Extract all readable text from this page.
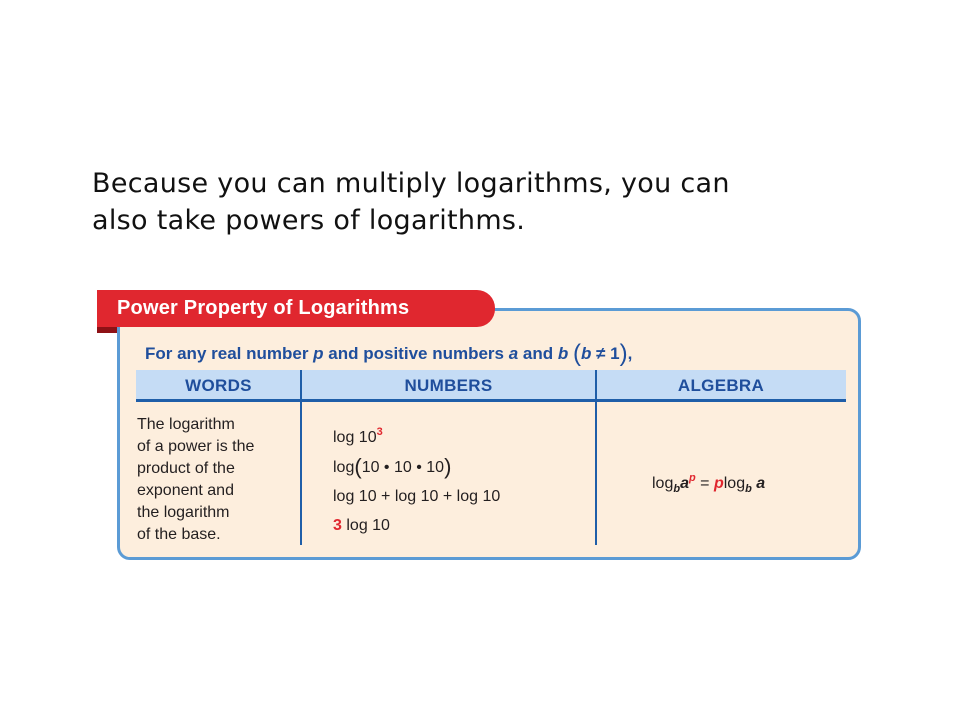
Because you can multiply logarithms, you can

also take powers of logarithms.

Power Property of Logarithms
For any real number p and positive numbers a and b (b ≠ 1),
WORDS	NUMBERS	ALGEBRA
The logarithm
of a power is the
product of the
exponent and
the logarithm
of the base.
$\log 10^3$
log(10 • 10 • 10)
log 10 + log 10 + log 10
3 log 10
$\log_ba^p = plog_b$ a
